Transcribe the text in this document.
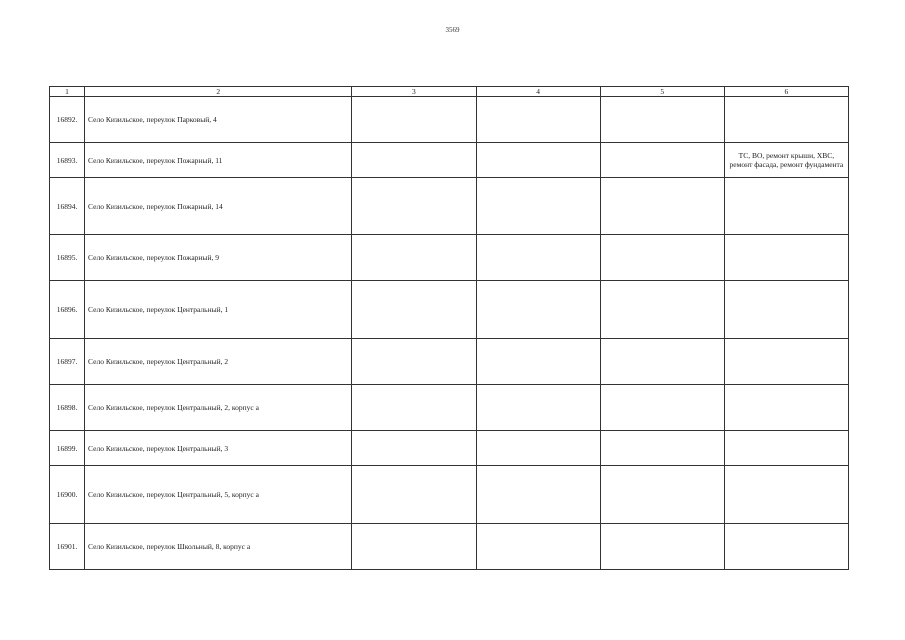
3569
1	2	3	4	5	6
16892.	Село Кизильское, переулок Парковый, 4				
16893.	Село Кизильское, переулок Пожарный, 11				ТС, ВО, ремонт крыши, ХВС, ремонт фасада, ремонт фундамента
16894.	Село Кизильское, переулок Пожарный, 14				
16895.	Село Кизильское, переулок Пожарный, 9				
16896.	Село Кизильское, переулок Центральный, 1				
16897.	Село Кизильское, переулок Центральный, 2				
16898.	Село Кизильское, переулок Центральный, 2, корпус а				
16899.	Село Кизильское, переулок Центральный, 3				
16900.	Село Кизильское, переулок Центральный, 5, корпус а				
16901.	Село Кизильское, переулок Школьный, 8, корпус а				
